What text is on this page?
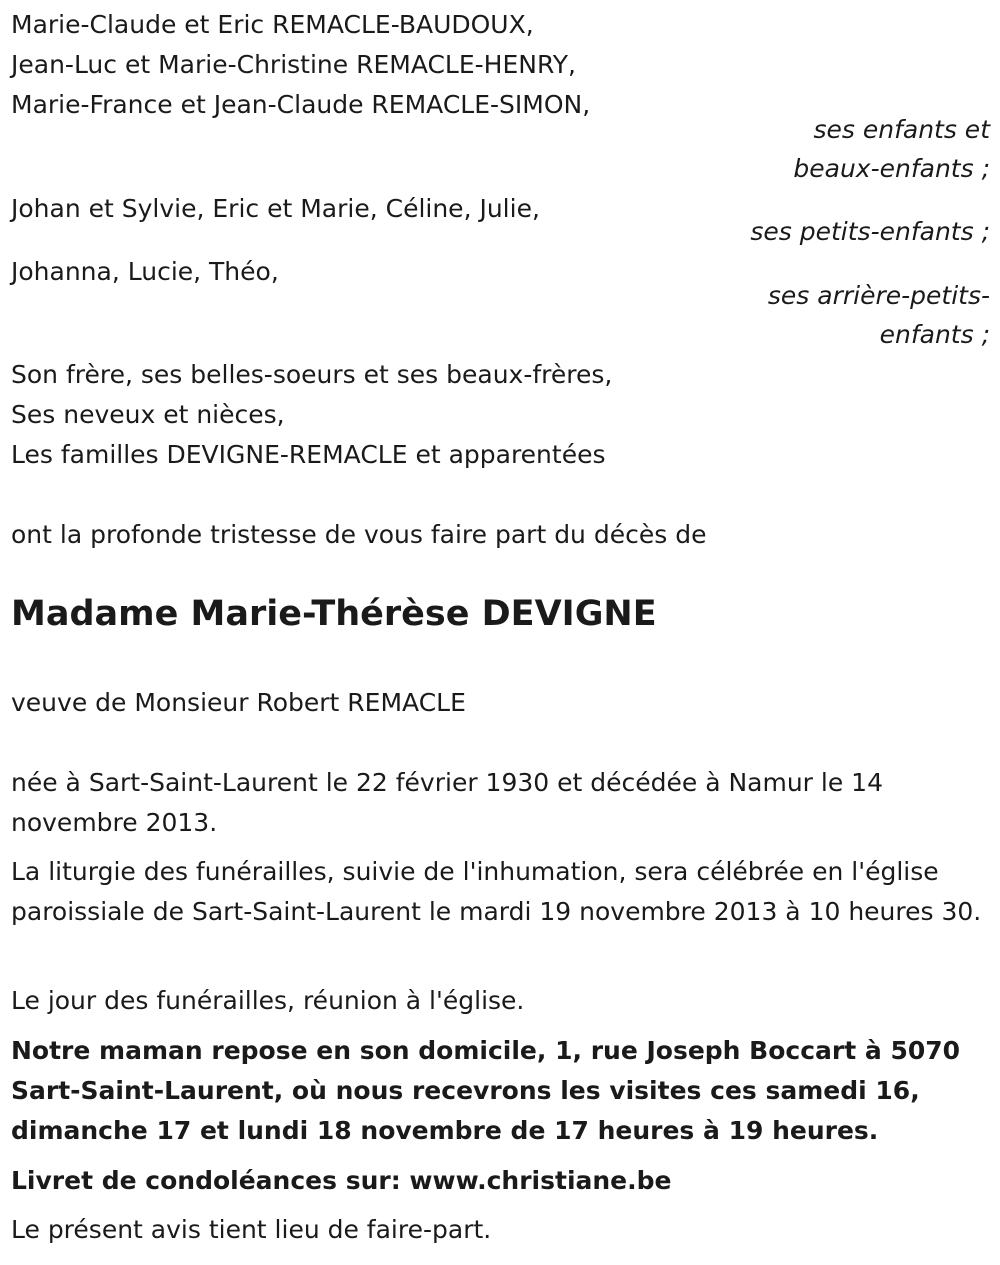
Marie-Claude et Eric REMACLE-BAUDOUX,

Jean-Luc et Marie-Christine REMACLE-HENRY,

Marie-France et Jean-Claude REMACLE-SIMON,

ses enfants et
beaux-enfants ;

Johan et Sylvie, Eric et Marie, Céline, Julie,

ses petits-enfants ;

Johanna, Lucie, Théo,

ses arrière-petits-
enfants ;

Son frère, ses belles-soeurs et ses beaux-frères,

Ses neveux et nièces,

Les familles DEVIGNE-REMACLE et apparentées

ont la profonde tristesse de vous faire part du décès de

Madame Marie-Thérèse DEVIGNE

veuve de Monsieur Robert REMACLE

née à Sart-Saint-Laurent le 22 février 1930 et décédée à Namur le 14 novembre 2013.

La liturgie des funérailles, suivie de l'inhumation, sera célébrée en l'église paroissiale de Sart-Saint-Laurent le mardi 19 novembre 2013 à 10 heures 30.

Le jour des funérailles, réunion à l'église.

Notre maman repose en son domicile, 1, rue Joseph Boccart à 5070 Sart-Saint-Laurent, où nous recevrons les visites ces samedi 16, dimanche 17 et lundi 18 novembre de 17 heures à 19 heures.

Livret de condoléances sur: www.christiane.be

Le présent avis tient lieu de faire-part.
